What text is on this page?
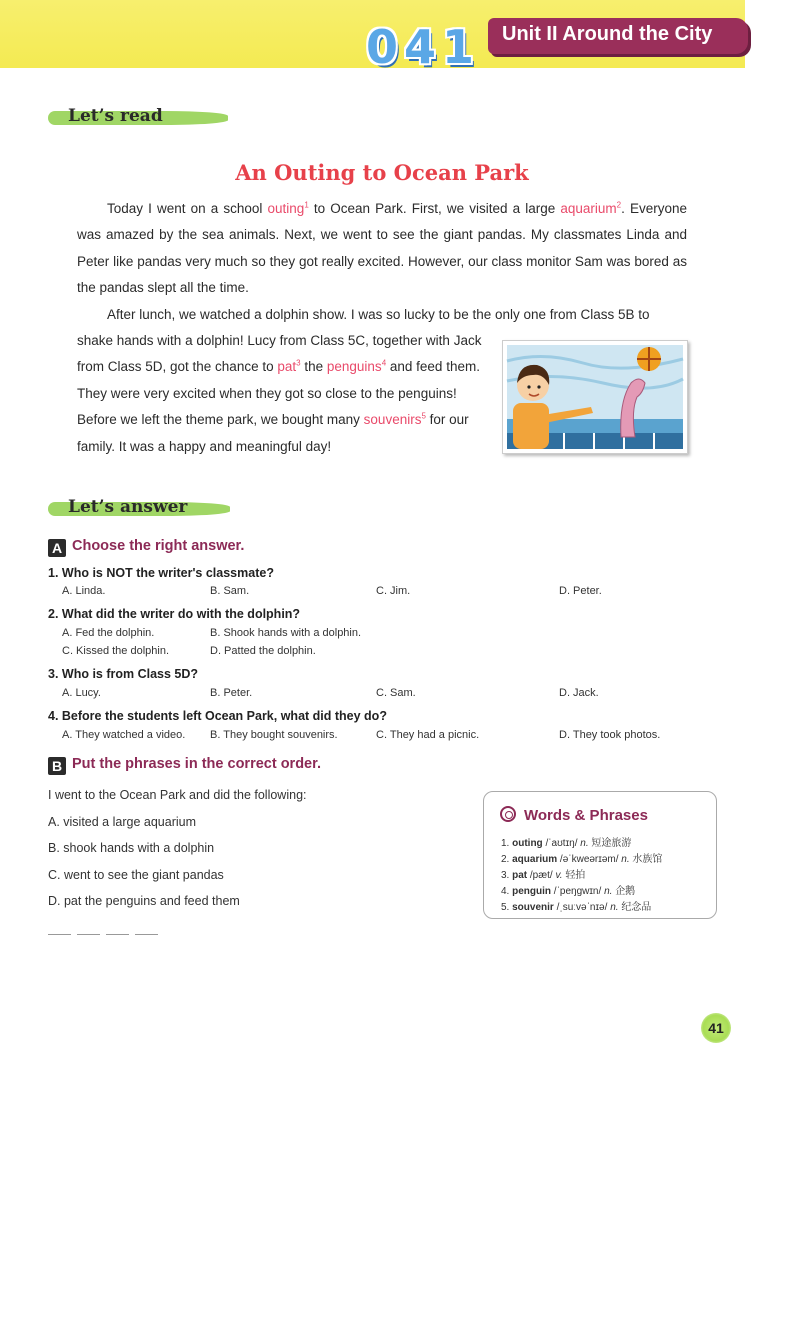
041 Unit II Around the City
Let’s read
An Outing to Ocean Park

Today I went on a school outing$^1$ to Ocean Park. First, we visited a large aquarium$^2$. Everyone was amazed by the sea animals. Next, we went to see the giant pandas. My classmates Linda and Peter like pandas very much so they got really excited. However, our class monitor Sam was bored as the pandas slept all the time.

After lunch, we watched a dolphin show. I was so lucky to be the only one from Class 5B to

shake hands with a dolphin! Lucy from Class 5C, together with Jack from Class 5D, got the chance to pat$^3$ the penguins$^4$ and feed them. They were very excited when they got so close to the penguins! Before we left the theme park, we bought many souvenirs$^5$ for our family. It was a happy and meaningful day!

Let’s answer
A Choose the right answer.
1. Who is NOT the writer's classmate?
A. Linda.	B. Sam.	C. Jim.	D. Peter.
2. What did the writer do with the dolphin?
A. Fed the dolphin.	B. Shook hands with a dolphin.
C. Kissed the dolphin.	D. Patted the dolphin.
3. Who is from Class 5D?
A. Lucy.	B. Peter.	C. Sam.	D. Jack.
4. Before the students left Ocean Park, what did they do?
A. They watched a video. B. They bought souvenirs.	C. They had a picnic.	D. They took photos.
B Put the phrases in the correct order.
I went to the Ocean Park and did the following:
A. visited a large aquarium
B. shook hands with a dolphin
C. went to see the giant pandas
D. pat the penguins and feed them
Words & Phrases
1. outing /ˈaʊtɪŋ/ n. 短途旅游
2. aquarium /əˈkweərɪəm/ n. 水族馆
3. pat /pæt/ v. 轻拍
4. penguin /ˈpeŋgwɪn/ n. 企鹅
5. souvenir /ˌsuːvəˈnɪə/ n. 纪念品
41
